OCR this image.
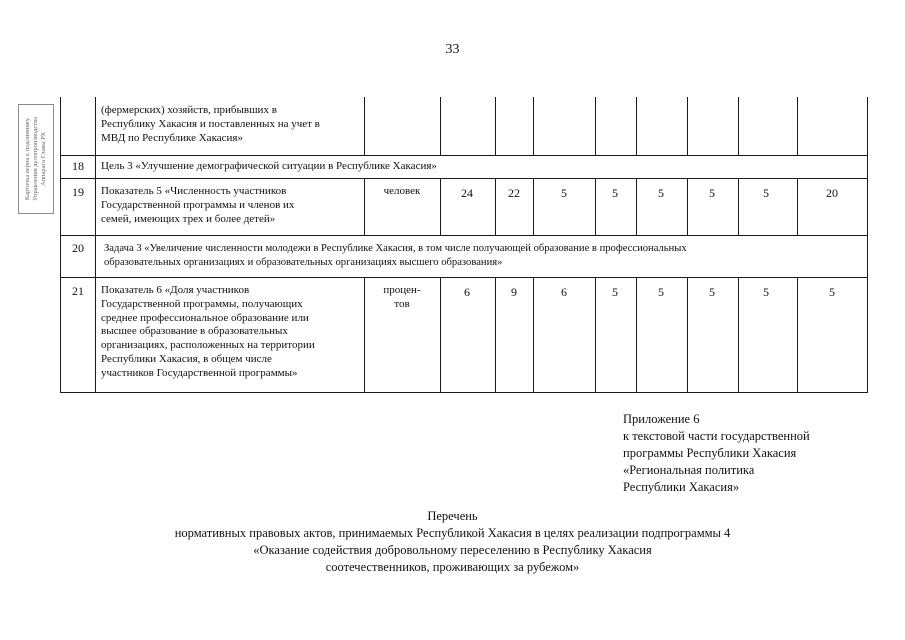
33
Карточка верна к подлиннику Управления делопроизводства Аппарата Главы РХ
(фермерских) хозяйств, прибывших в
Республику Хакасия и поставленных на учет в
МВД по Республике Хакасия»
18	Цель 3 «Улучшение демографической ситуации в Республике Хакасия»
19	Показатель 5 «Численность участников
Государственной программы и членов их
семей, имеющих трех и более детей»
человек	24	22	5	5	5	5	5	20
20	Задача 3 «Увеличение численности молодежи в Республике Хакасия, в том числе получающей образование в профессиональных
образовательных организациях и образовательных организациях высшего образования»
21	Показатель 6 «Доля участников
Государственной программы, получающих
среднее профессиональное образование или
высшее образование в образовательных
организациях, расположенных на территории
Республики Хакасия, в общем числе
участников Государственной программы»
процен-
тов
6	9	6	5	5	5	5	5
Приложение 6
к текстовой части государственной
программы Республики Хакасия
«Региональная политика
Республики Хакасия»
Перечень
нормативных правовых актов, принимаемых Республикой Хакасия в целях реализации подпрограммы 4
«Оказание содействия добровольному переселению в Республику Хакасия
соотечественников, проживающих за рубежом»
